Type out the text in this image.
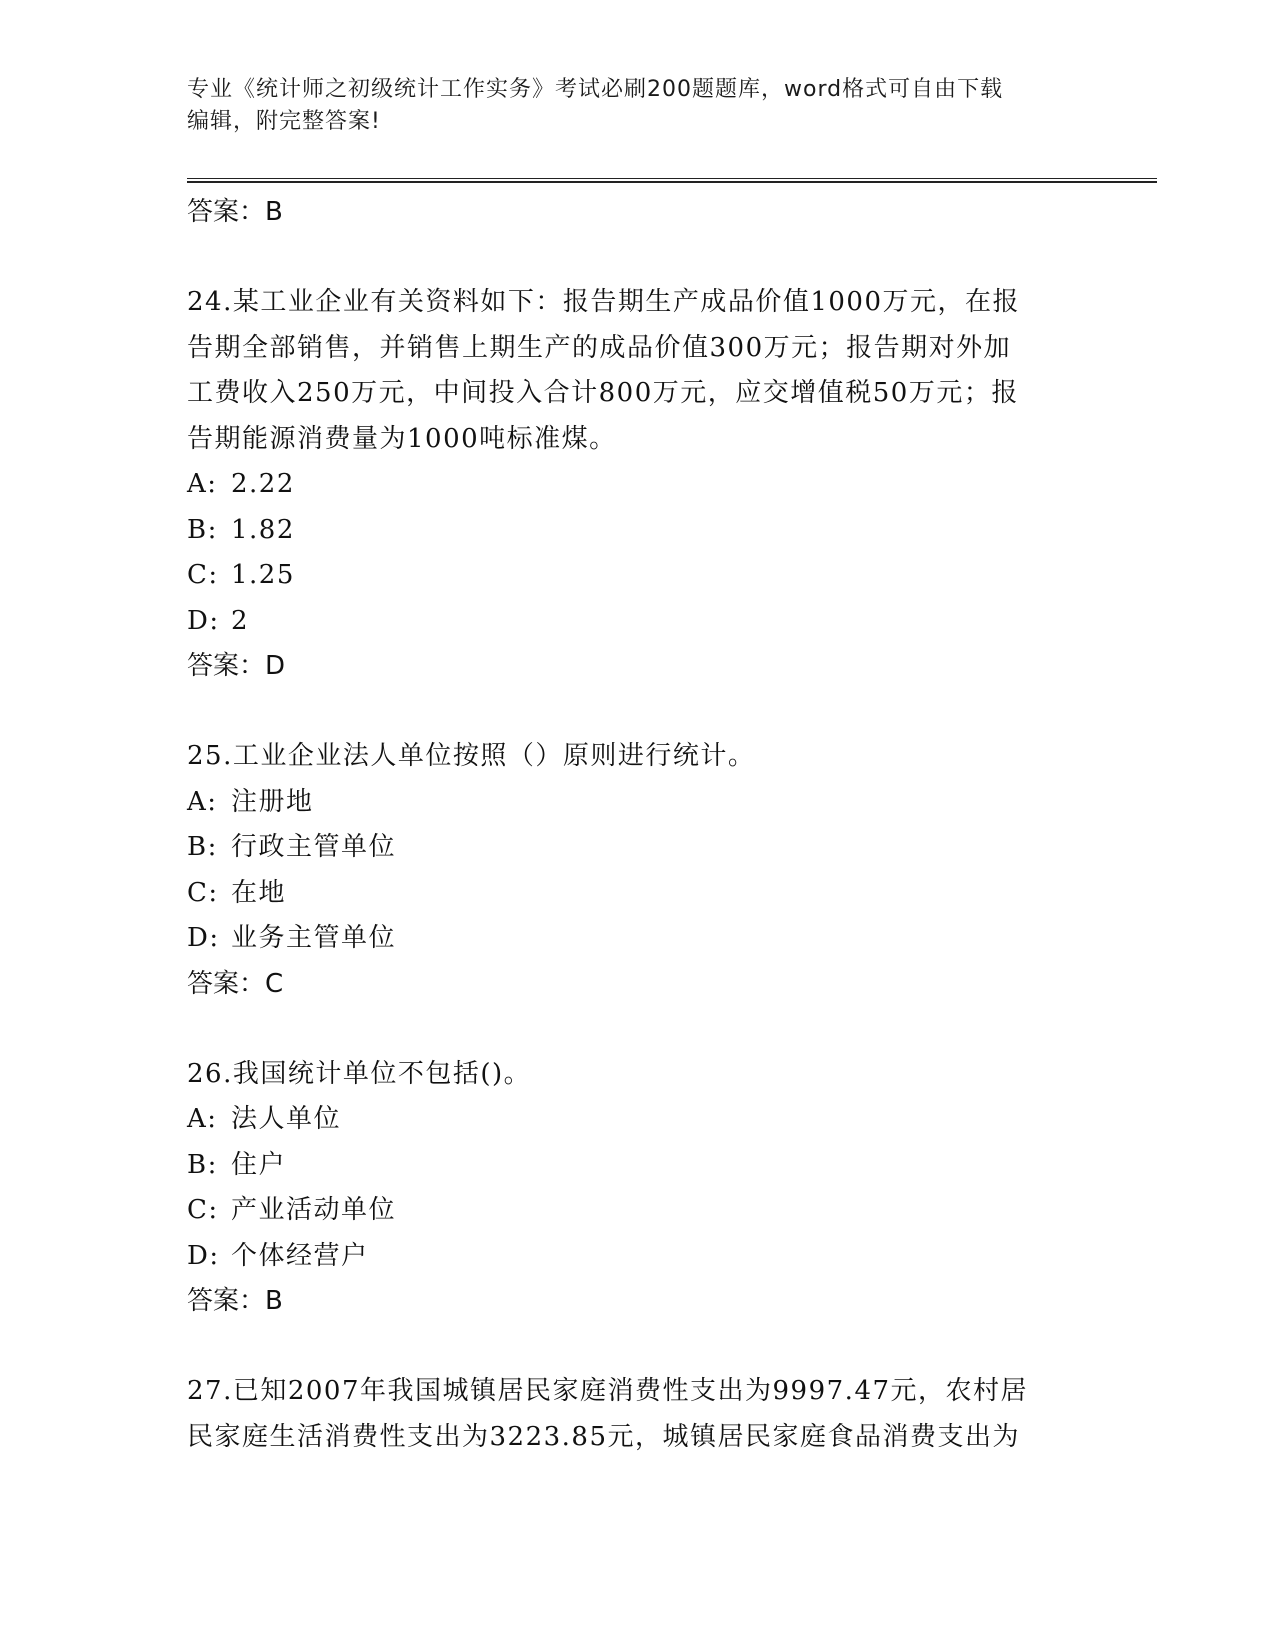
专业《统计师之初级统计工作实务》考试必刷200题题库，word格式可自由下载
编辑，附完整答案!
答案：B
24.某工业企业有关资料如下：报告期生产成品价值1000万元，在报
告期全部销售，并销售上期生产的成品价值300万元；报告期对外加
工费收入250万元，中间投入合计800万元，应交增值税50万元；报
告期能源消费量为1000吨标准煤。
A: 2.22
B: 1.82
C: 1.25
D: 2
答案：D
25.工业企业法人单位按照（）原则进行统计。
A: 注册地
B: 行政主管单位
C: 在地
D: 业务主管单位
答案：C
26.我国统计单位不包括()。
A: 法人单位
B: 住户
C: 产业活动单位
D: 个体经营户
答案：B
27.已知2007年我国城镇居民家庭消费性支出为9997.47元，农村居
民家庭生活消费性支出为3223.85元，城镇居民家庭食品消费支出为
